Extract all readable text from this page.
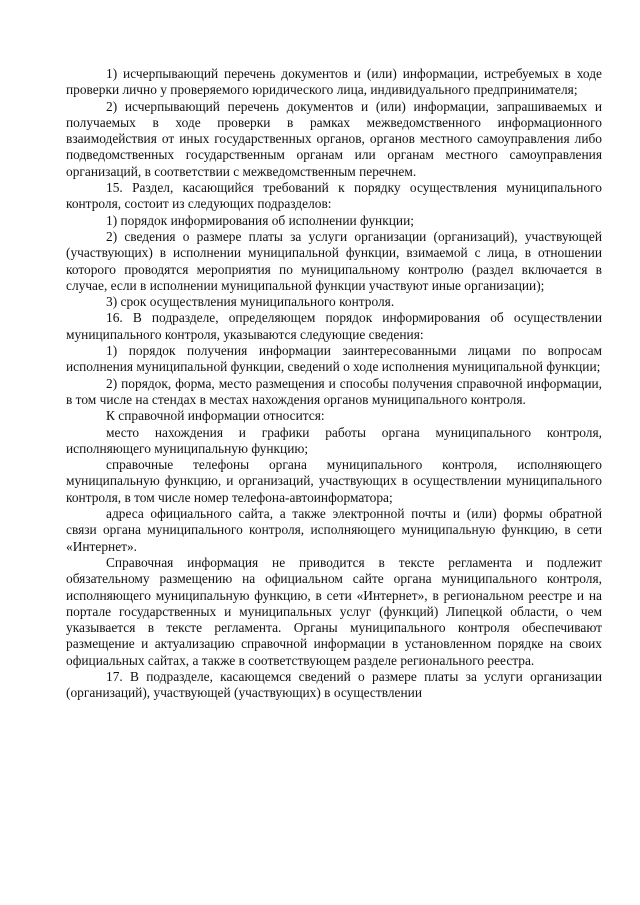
1) исчерпывающий перечень документов и (или) информации, истребуемых в ходе проверки лично у проверяемого юридического лица, индивидуального предпринимателя;

2) исчерпывающий перечень документов и (или) информации, запрашиваемых и получаемых в ходе проверки в рамках межведомственного информационного взаимодействия от иных государственных органов, органов местного самоуправления либо подведомственных государственным органам или органам местного самоуправления организаций, в соответствии с межведомственным перечнем.

15. Раздел, касающийся требований к порядку осуществления муниципального контроля, состоит из следующих подразделов:

1) порядок информирования об исполнении функции;

2) сведения о размере платы за услуги организации (организаций), участвующей (участвующих) в исполнении муниципальной функции, взимаемой с лица, в отношении которого проводятся мероприятия по муниципальному контролю (раздел включается в случае, если в исполнении муниципальной функции участвуют иные организации);

3) срок осуществления муниципального контроля.

16. В подразделе, определяющем порядок информирования об осуществлении муниципального контроля, указываются следующие сведения:

1) порядок получения информации заинтересованными лицами по вопросам исполнения муниципальной функции, сведений о ходе исполнения муниципальной функции;

2) порядок, форма, место размещения и способы получения справочной информации, в том числе на стендах в местах нахождения органов муниципального контроля.

К справочной информации относится:

место нахождения и графики работы органа муниципального контроля, исполняющего муниципальную функцию;

справочные телефоны органа муниципального контроля, исполняющего муниципальную функцию, и организаций, участвующих в осуществлении муниципального контроля, в том числе номер телефона-автоинформатора;

адреса официального сайта, а также электронной почты и (или) формы обратной связи органа муниципального контроля, исполняющего муниципальную функцию, в сети «Интернет».

Справочная информация не приводится в тексте регламента и подлежит обязательному размещению на официальном сайте органа муниципального контроля, исполняющего муниципальную функцию, в сети «Интернет», в региональном реестре и на портале государственных и муниципальных услуг (функций) Липецкой области, о чем указывается в тексте регламента. Органы муниципального контроля обеспечивают размещение и актуализацию справочной информации в установленном порядке на своих официальных сайтах, а также в соответствующем разделе регионального реестра.

17. В подразделе, касающемся сведений о размере платы за услуги организации (организаций), участвующей (участвующих) в осуществлении
